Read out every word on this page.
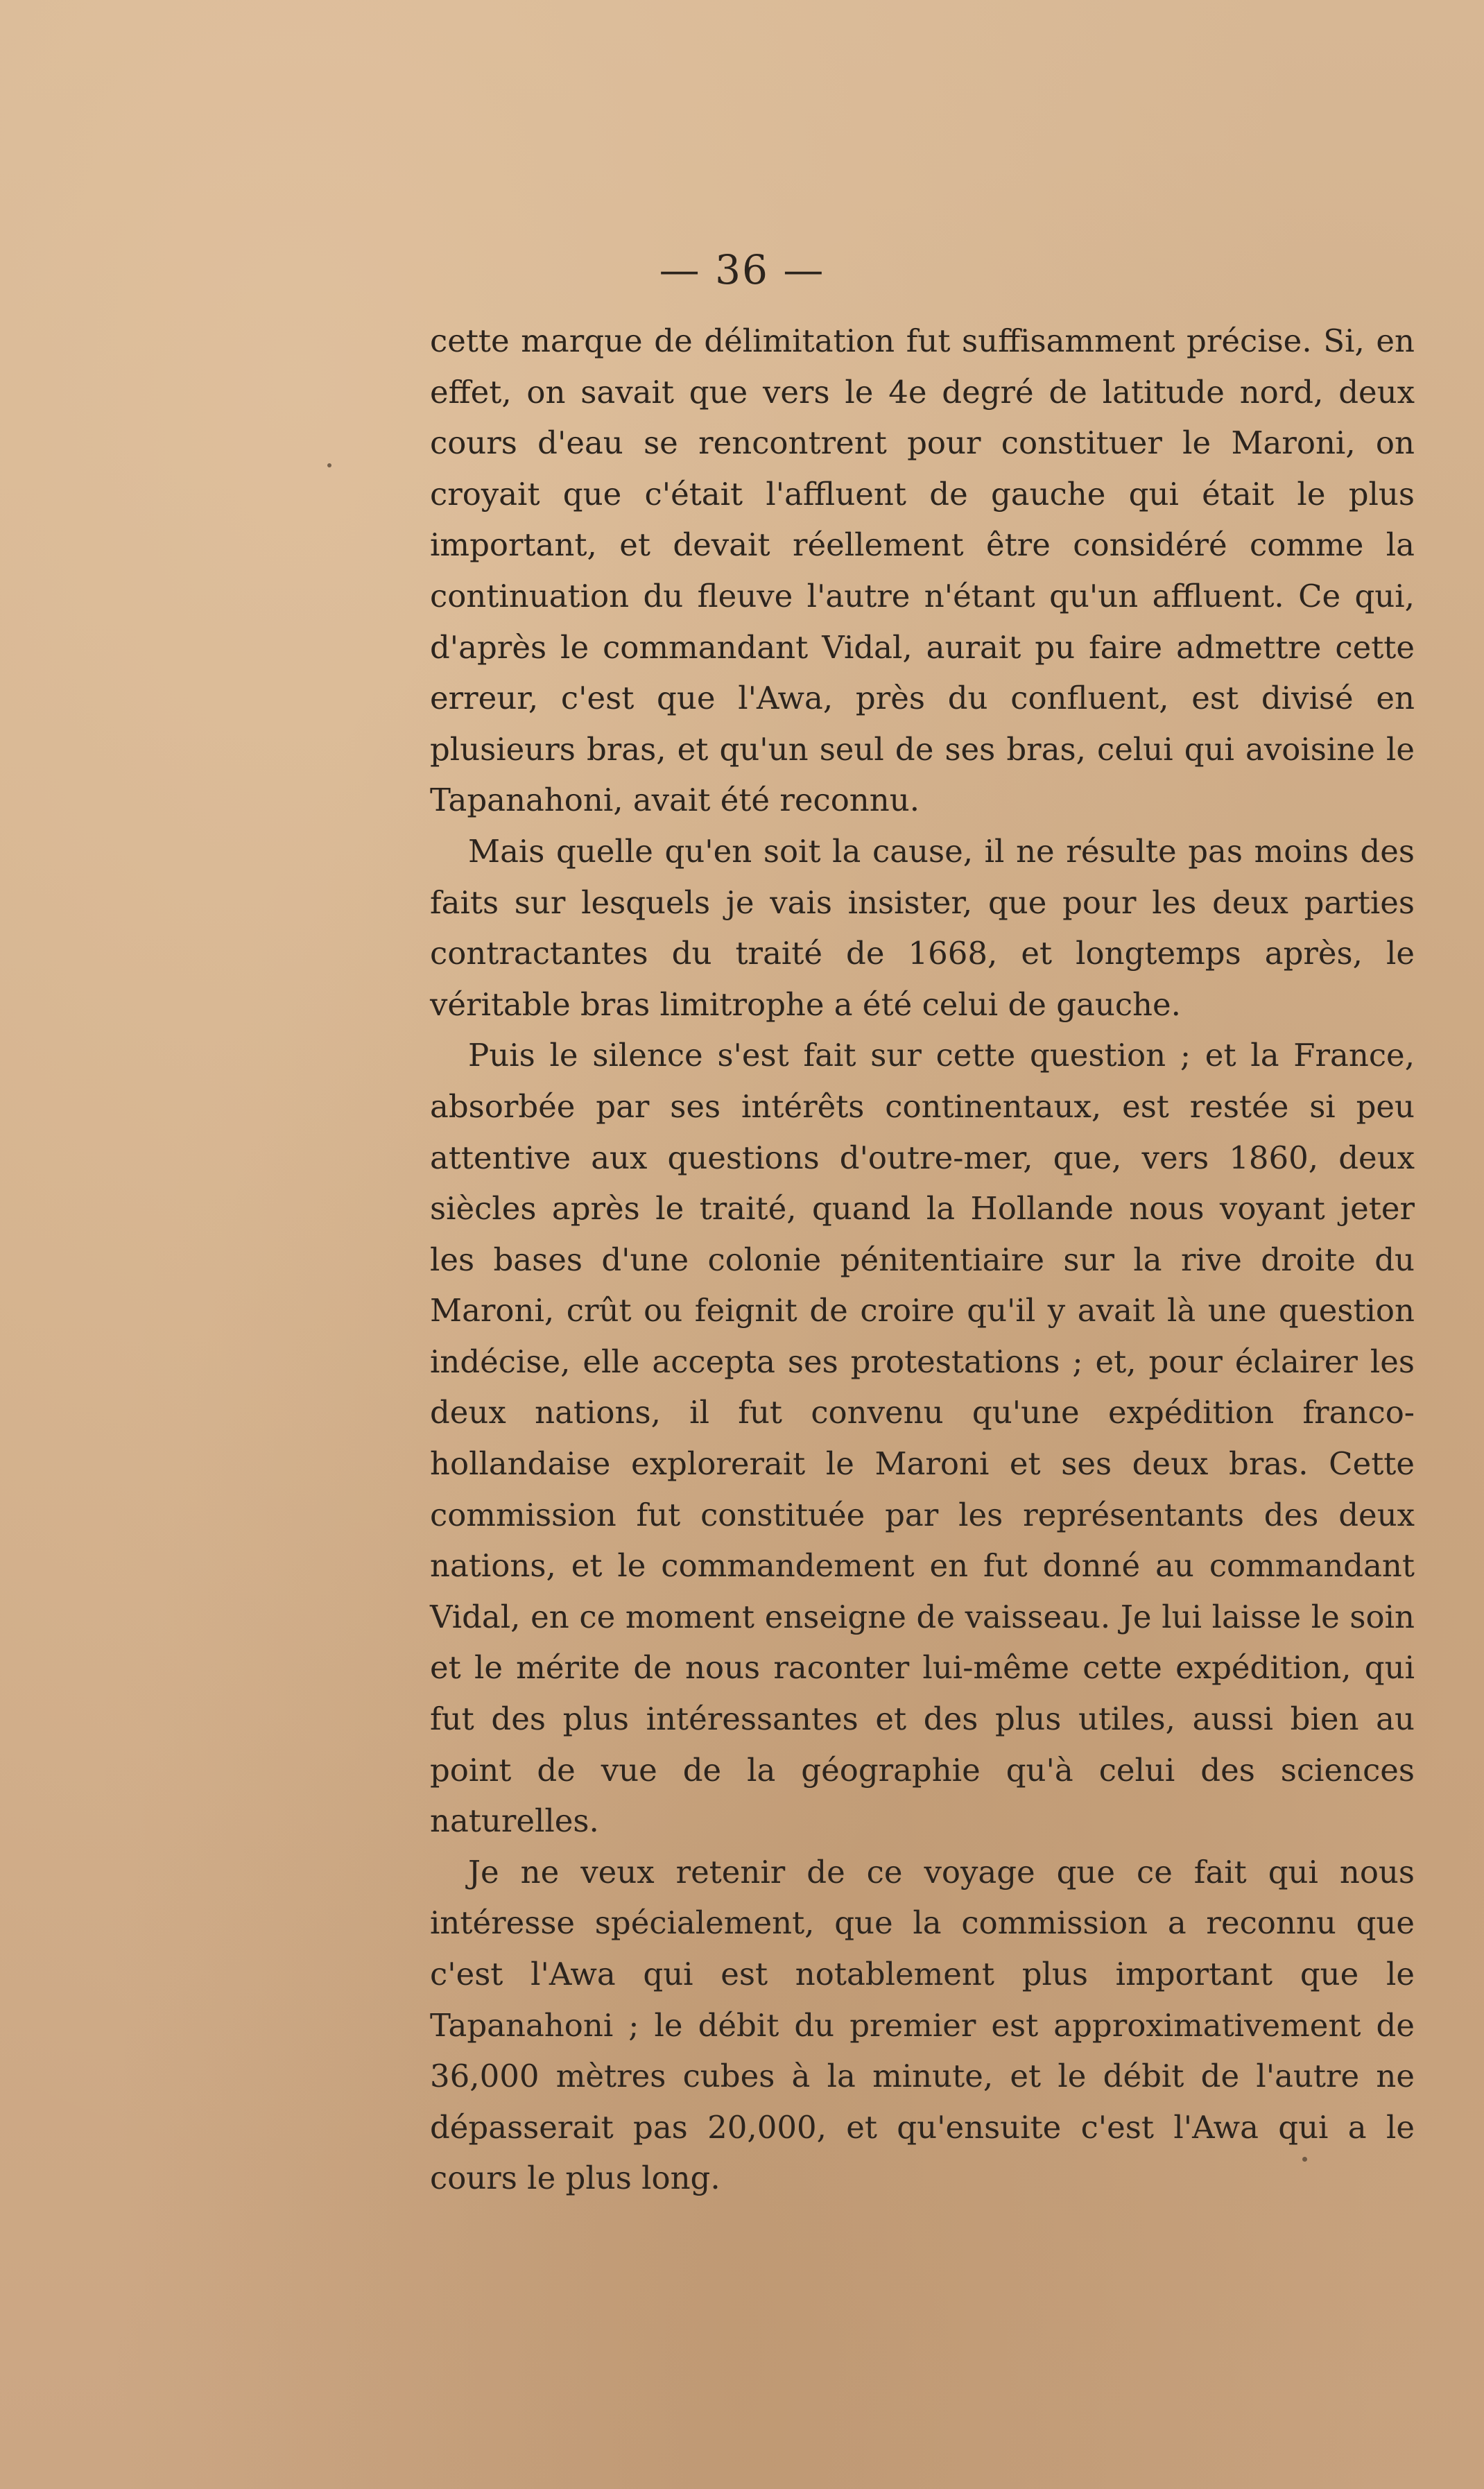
— 36 —

cette marque de délimitation fut suffisamment précise. Si, en effet, on savait que vers le 4e degré de latitude nord, deux cours d'eau se rencontrent pour constituer le Maroni, on croyait que c'était l'affluent de gauche qui était le plus important, et devait réellement être considéré comme la continuation du fleuve l'autre n'étant qu'un affluent. Ce qui, d'après le commandant Vidal, aurait pu faire admettre cette erreur, c'est que l'Awa, près du confluent, est divisé en plusieurs bras, et qu'un seul de ses bras, celui qui avoisine le Tapanahoni, avait été reconnu.

Mais quelle qu'en soit la cause, il ne résulte pas moins des faits sur lesquels je vais insister, que pour les deux parties contractantes du traité de 1668, et longtemps après, le véritable bras limitrophe a été celui de gauche.

Puis le silence s'est fait sur cette question ; et la France, absorbée par ses intérêts continentaux, est restée si peu attentive aux questions d'outre-mer, que, vers 1860, deux siècles après le traité, quand la Hollande nous voyant jeter les bases d'une colonie pénitentiaire sur la rive droite du Maroni, crût ou feignit de croire qu'il y avait là une question indécise, elle accepta ses protestations ; et, pour éclairer les deux nations, il fut convenu qu'une expédition franco-hollandaise explorerait le Maroni et ses deux bras. Cette commission fut constituée par les représentants des deux nations, et le commandement en fut donné au commandant Vidal, en ce moment enseigne de vaisseau. Je lui laisse le soin et le mérite de nous raconter lui-même cette expédition, qui fut des plus intéressantes et des plus utiles, aussi bien au point de vue de la géographie qu'à celui des sciences naturelles.

Je ne veux retenir de ce voyage que ce fait qui nous intéresse spécialement, que la commission a reconnu que c'est l'Awa qui est notablement plus important que le Tapanahoni ; le débit du premier est approximativement de 36,000 mètres cubes à la minute, et le débit de l'autre ne dépasserait pas 20,000, et qu'ensuite c'est l'Awa qui a le cours le plus long.
